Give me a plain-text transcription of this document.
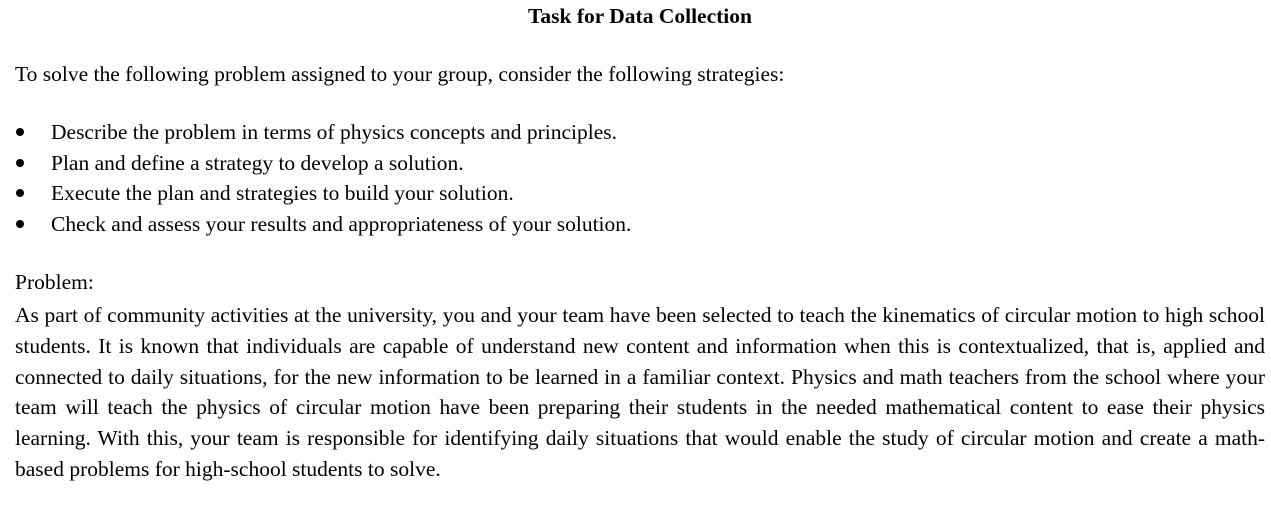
Task for Data Collection

To solve the following problem assigned to your group, consider the following strategies:

Describe the problem in terms of physics concepts and principles.
Plan and define a strategy to develop a solution.
Execute the plan and strategies to build your solution.
Check and assess your results and appropriateness of your solution.

Problem:

As part of community activities at the university, you and your team have been selected to teach the kinematics of circular motion to high school students. It is known that individuals are capable of understand new content and information when this is contextualized, that is, applied and connected to daily situations, for the new information to be learned in a familiar context. Physics and math teachers from the school where your team will teach the physics of circular motion have been preparing their students in the needed mathematical content to ease their physics learning. With this, your team is responsible for identifying daily situations that would enable the study of circular motion and create a math-based problems for high-school students to solve.
